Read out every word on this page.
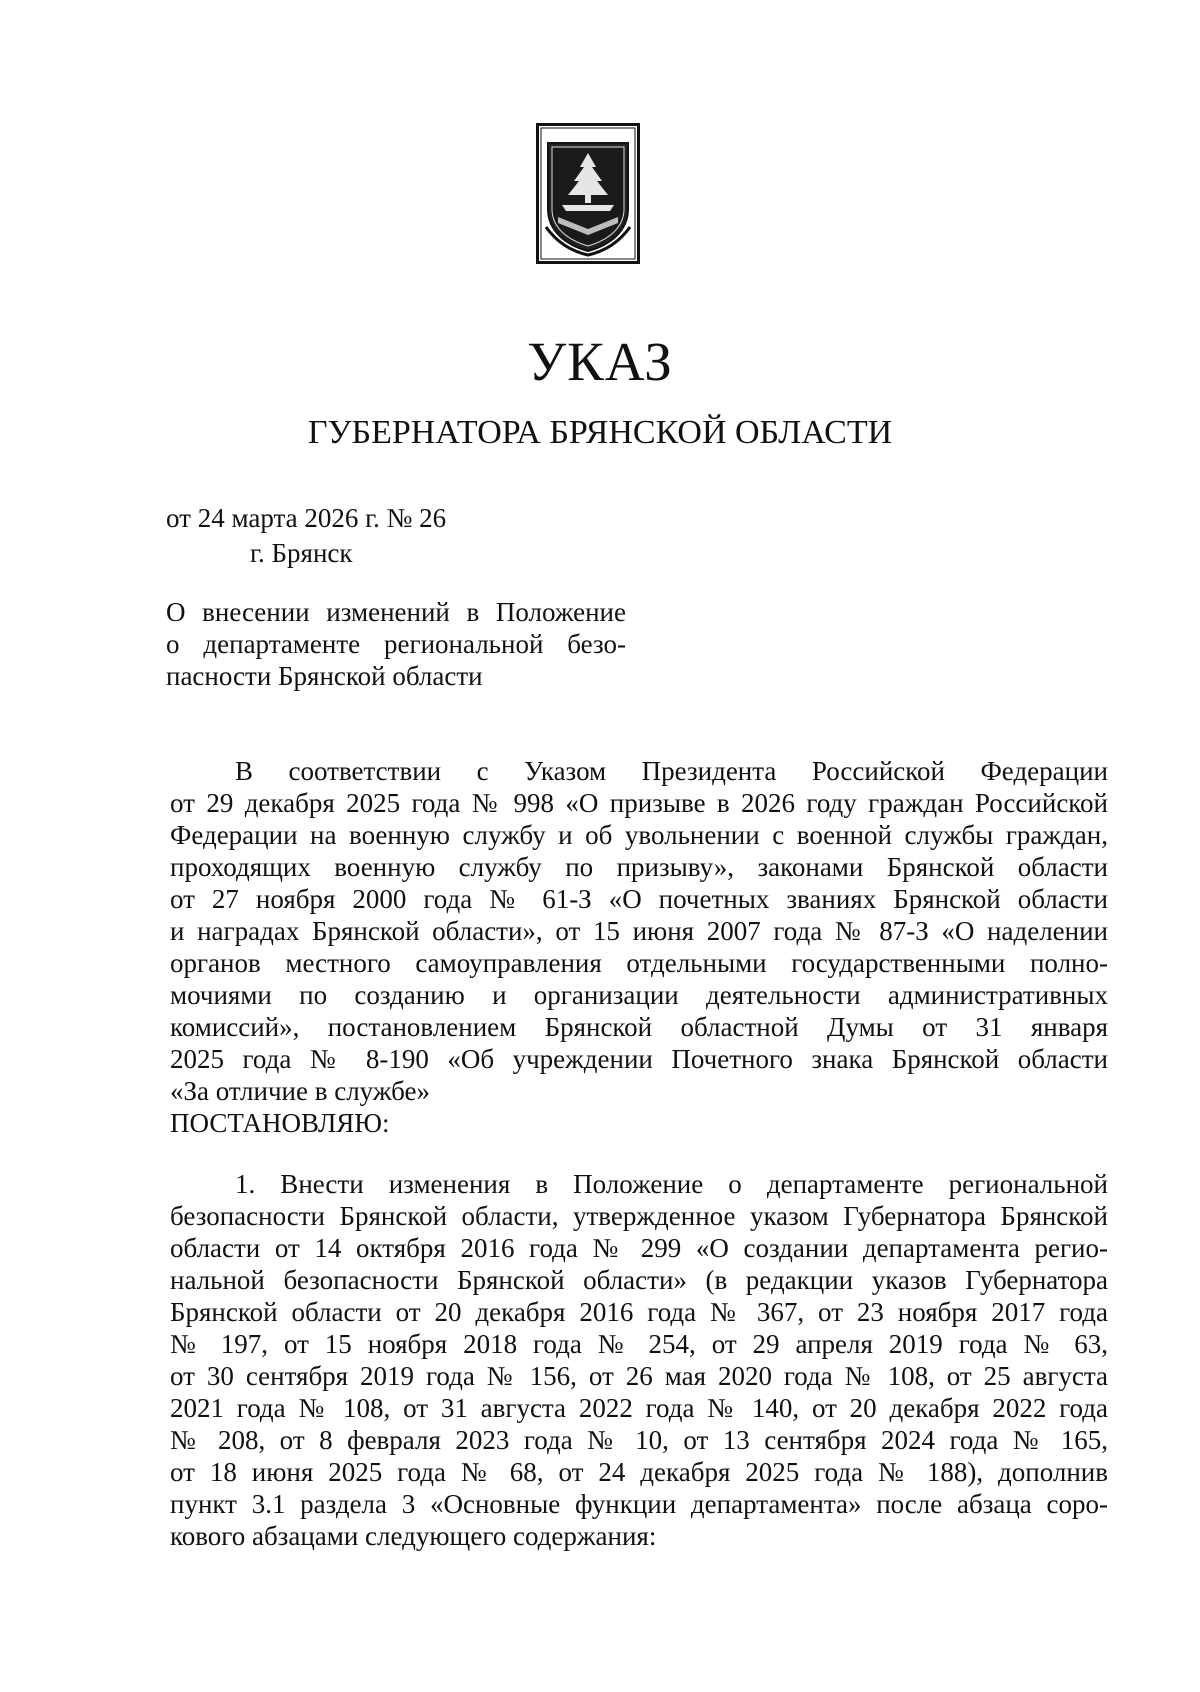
УКАЗ
ГУБЕРНАТОРА БРЯНСКОЙ ОБЛАСТИ
от 24 марта 2026 г. № 26
г. Брянск
О внесении изменений в Положение
о департаменте региональной безо-
пасности Брянской области
В соответствии с Указом Президента Российской Федерации
от 29 декабря 2025 года № 998 «О призыве в 2026 году граждан Российской
Федерации на военную службу и об увольнении с военной службы граждан,
проходящих военную службу по призыву», законами Брянской области
от 27 ноября 2000 года № 61-З «О почетных званиях Брянской области
и наградах Брянской области», от 15 июня 2007 года № 87-З «О наделении
органов местного самоуправления отдельными государственными полно-
мочиями по созданию и организации деятельности административных
комиссий», постановлением Брянской областной Думы от 31 января
2025 года № 8-190 «Об учреждении Почетного знака Брянской области
«За отличие в службе»
ПОСТАНОВЛЯЮ:
1. Внести изменения в Положение о департаменте региональной
безопасности Брянской области, утвержденное указом Губернатора Брянской
области от 14 октября 2016 года № 299 «О создании департамента регио-
нальной безопасности Брянской области» (в редакции указов Губернатора
Брянской области от 20 декабря 2016 года № 367, от 23 ноября 2017 года
№ 197, от 15 ноября 2018 года № 254, от 29 апреля 2019 года № 63,
от 30 сентября 2019 года № 156, от 26 мая 2020 года № 108, от 25 августа
2021 года № 108, от 31 августа 2022 года № 140, от 20 декабря 2022 года
№ 208, от 8 февраля 2023 года № 10, от 13 сентября 2024 года № 165,
от 18 июня 2025 года № 68, от 24 декабря 2025 года № 188), дополнив
пункт 3.1 раздела 3 «Основные функции департамента» после абзаца соро-
кового абзацами следующего содержания:
